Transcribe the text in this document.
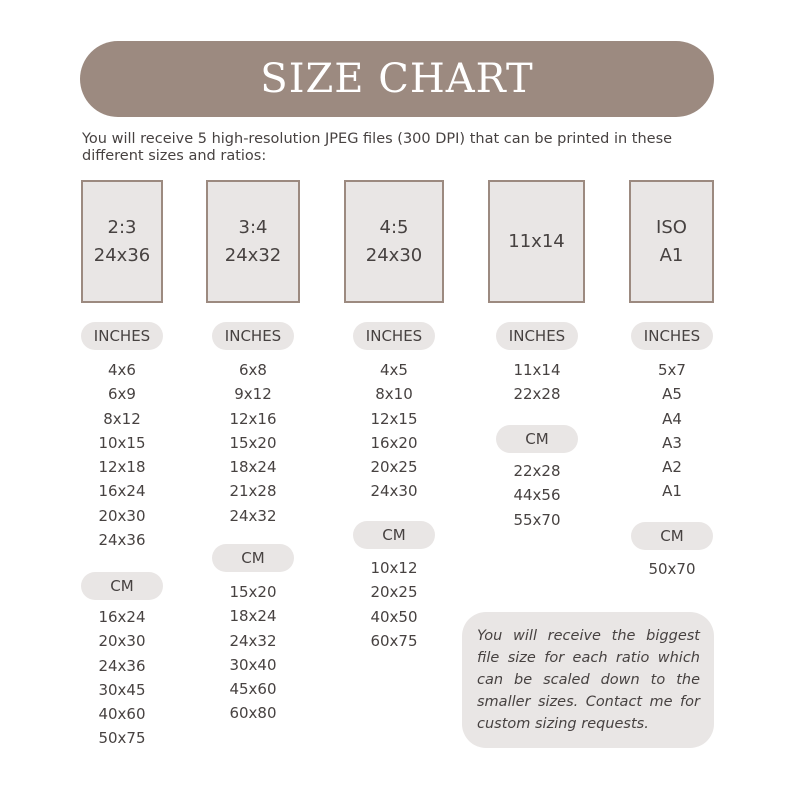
SIZE CHART
You will receive 5 high-resolution JPEG files (300 DPI) that can be printed in these different sizes and ratios:
2:3
24x36
INCHES
4x6
6x9
8x12
10x15
12x18
16x24
20x30
24x36
CM
16x24
20x30
24x36
30x45
40x60
50x75
3:4
24x32
INCHES
6x8
9x12
12x16
15x20
18x24
21x28
24x32
CM
15x20
18x24
24x32
30x40
45x60
60x80
4:5
24x30
INCHES
4x5
8x10
12x15
16x20
20x25
24x30
CM
10x12
20x25
40x50
60x75
11x14
INCHES
11x14
22x28
CM
22x28
44x56
55x70
ISO
A1
INCHES
5x7
A5
A4
A3
A2
A1
CM
50x70
You will receive the biggest file size for each ratio which can be scaled down to the smaller sizes. Contact me for custom sizing requests.
